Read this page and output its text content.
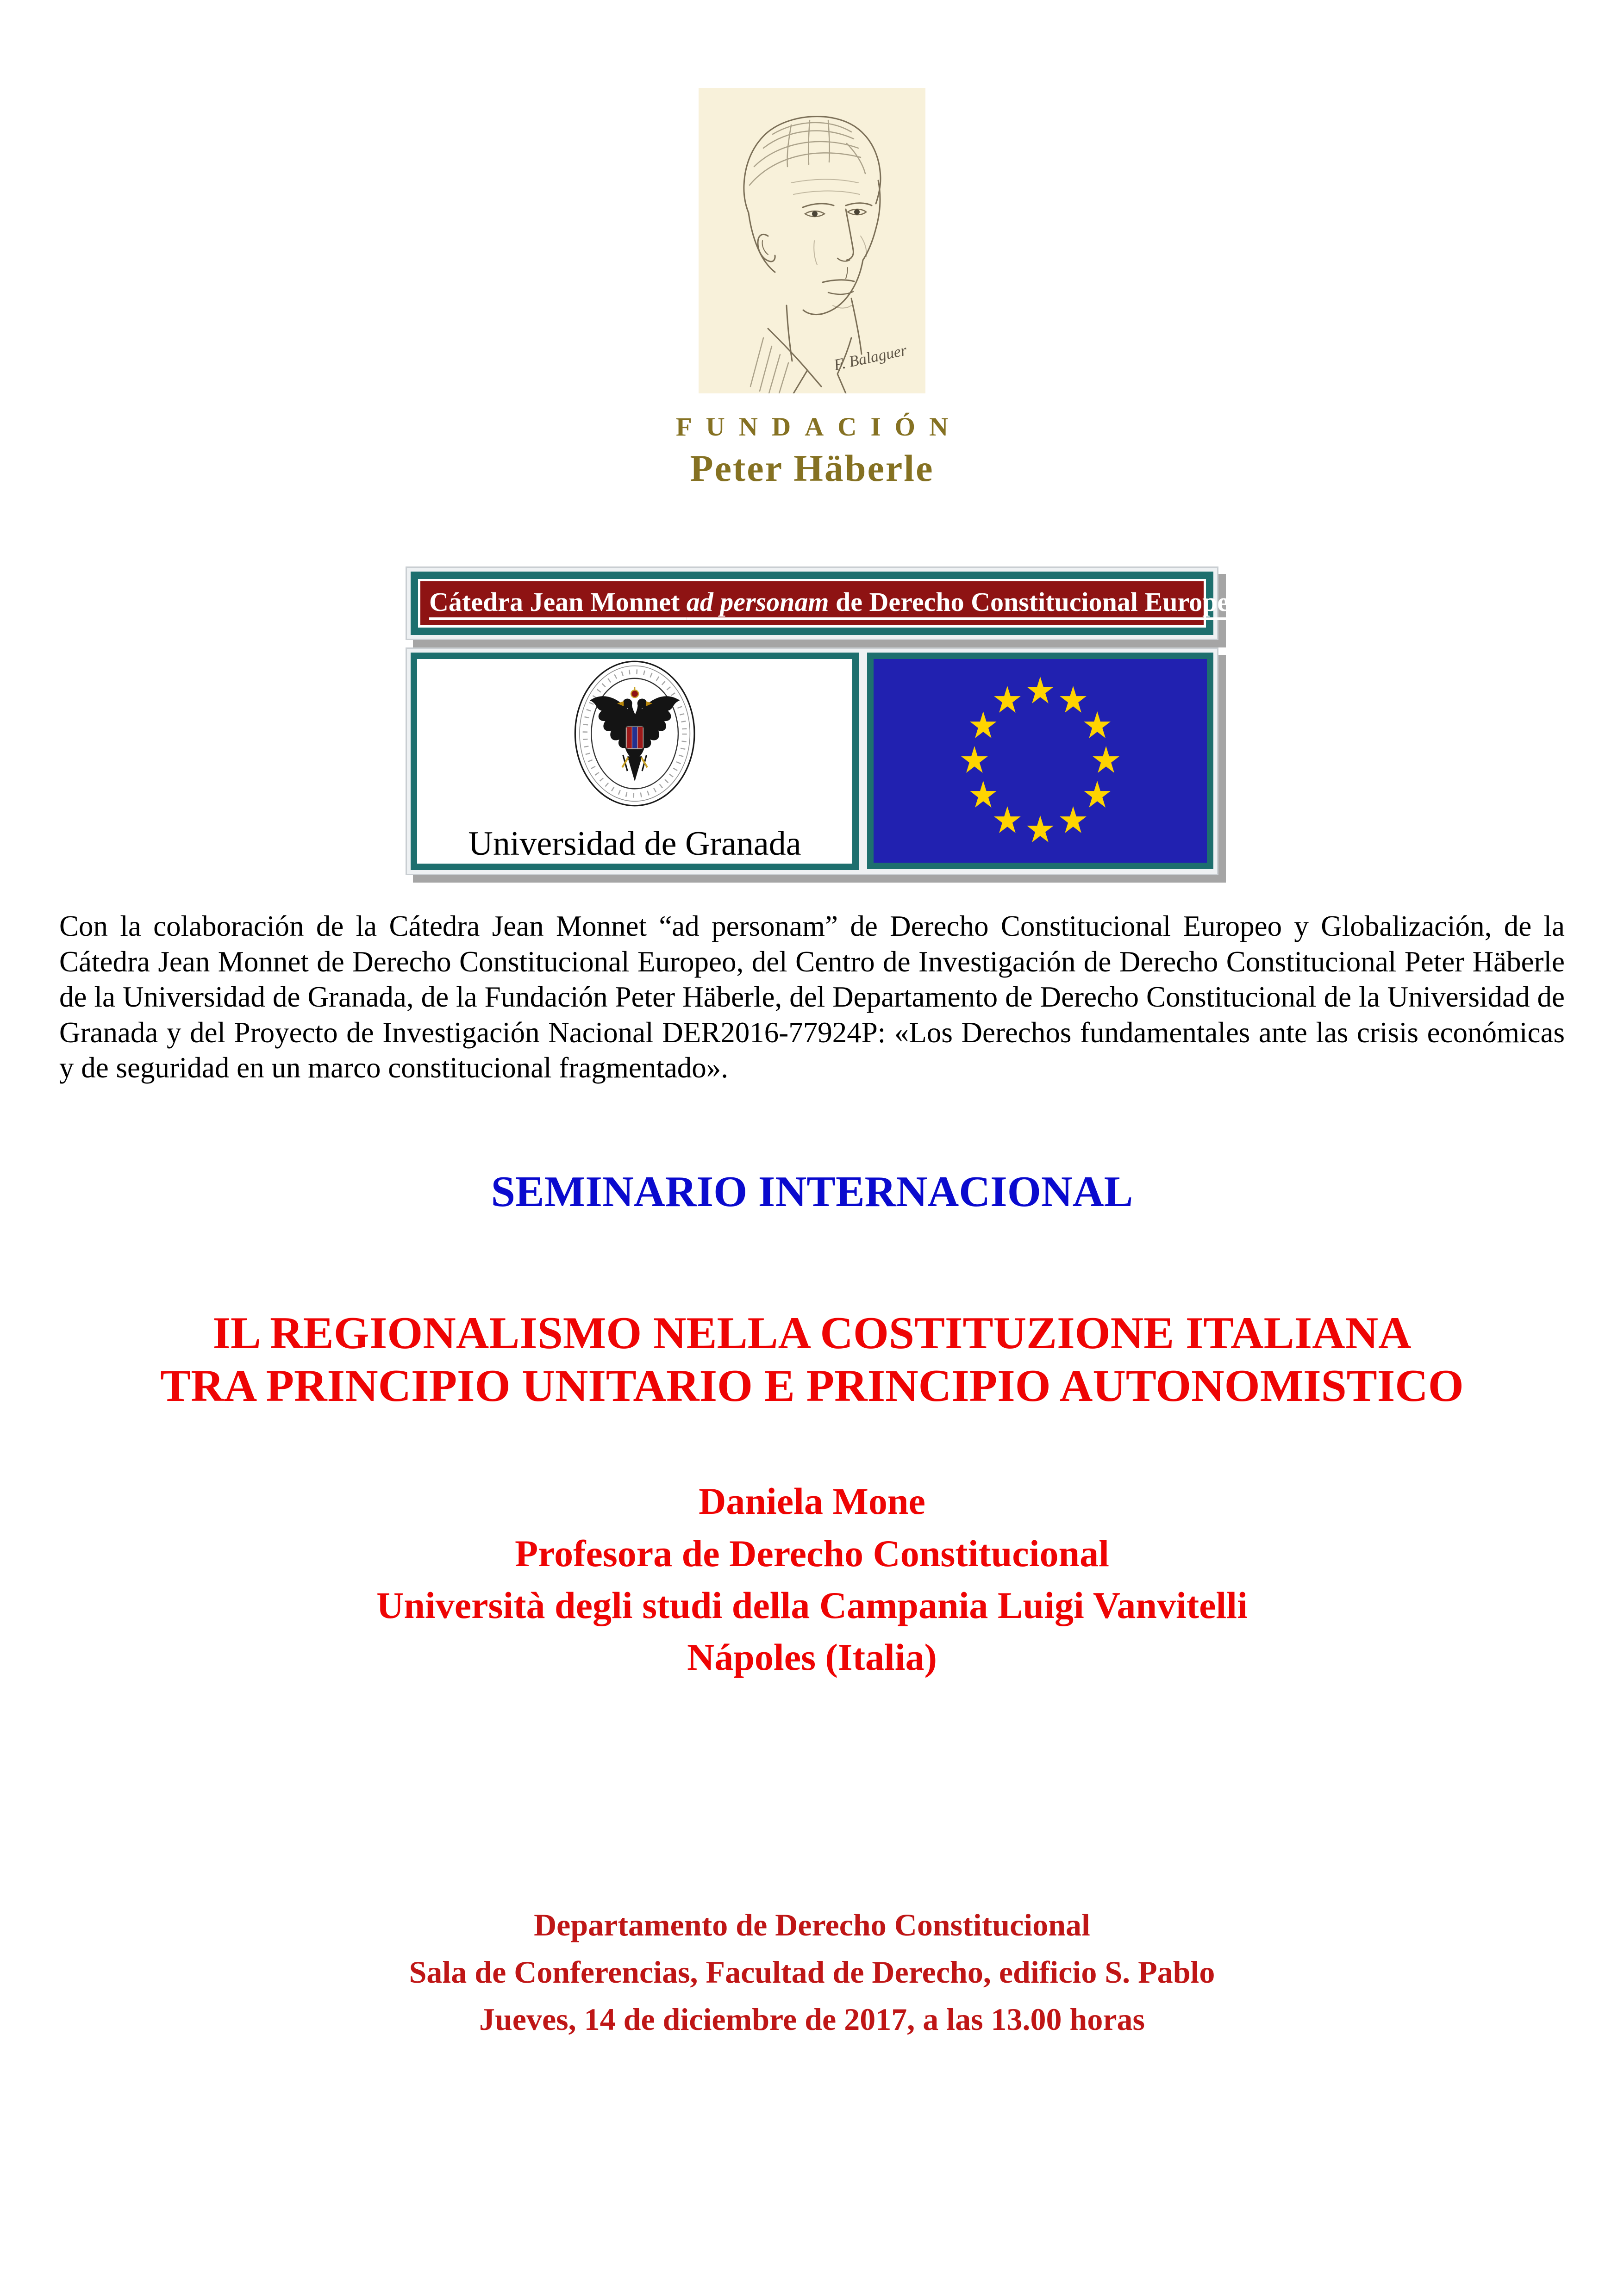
F. Balaguer
FUNDACIÓN
Peter Häberle
Cátedra Jean Monnet ad personam de Derecho Constitucional Europeo y Globalización
Universidad de Granada
Con la colaboración de la Cátedra Jean Monnet “ad personam” de Derecho Constitucional Europeo y Globalización, de la Cátedra Jean Monnet de Derecho Constitucional Europeo, del Centro de Investigación de Derecho Constitucional Peter Häberle de la Universidad de Granada, de la Fundación Peter Häberle, del Departamento de Derecho Constitucional de la Universidad de Granada y del Proyecto de Investigación Nacional DER2016-77924P: «Los Derechos fundamentales ante las crisis económicas y de seguridad en un marco constitucional fragmentado».
SEMINARIO INTERNACIONAL
IL REGIONALISMO NELLA COSTITUZIONE ITALIANA
TRA PRINCIPIO UNITARIO E PRINCIPIO AUTONOMISTICO
Daniela Mone
Profesora de Derecho Constitucional
Università degli studi della Campania Luigi Vanvitelli
Nápoles (Italia)
Departamento de Derecho Constitucional
Sala de Conferencias, Facultad de Derecho, edificio S. Pablo
Jueves, 14 de diciembre de 2017, a las 13.00 horas
